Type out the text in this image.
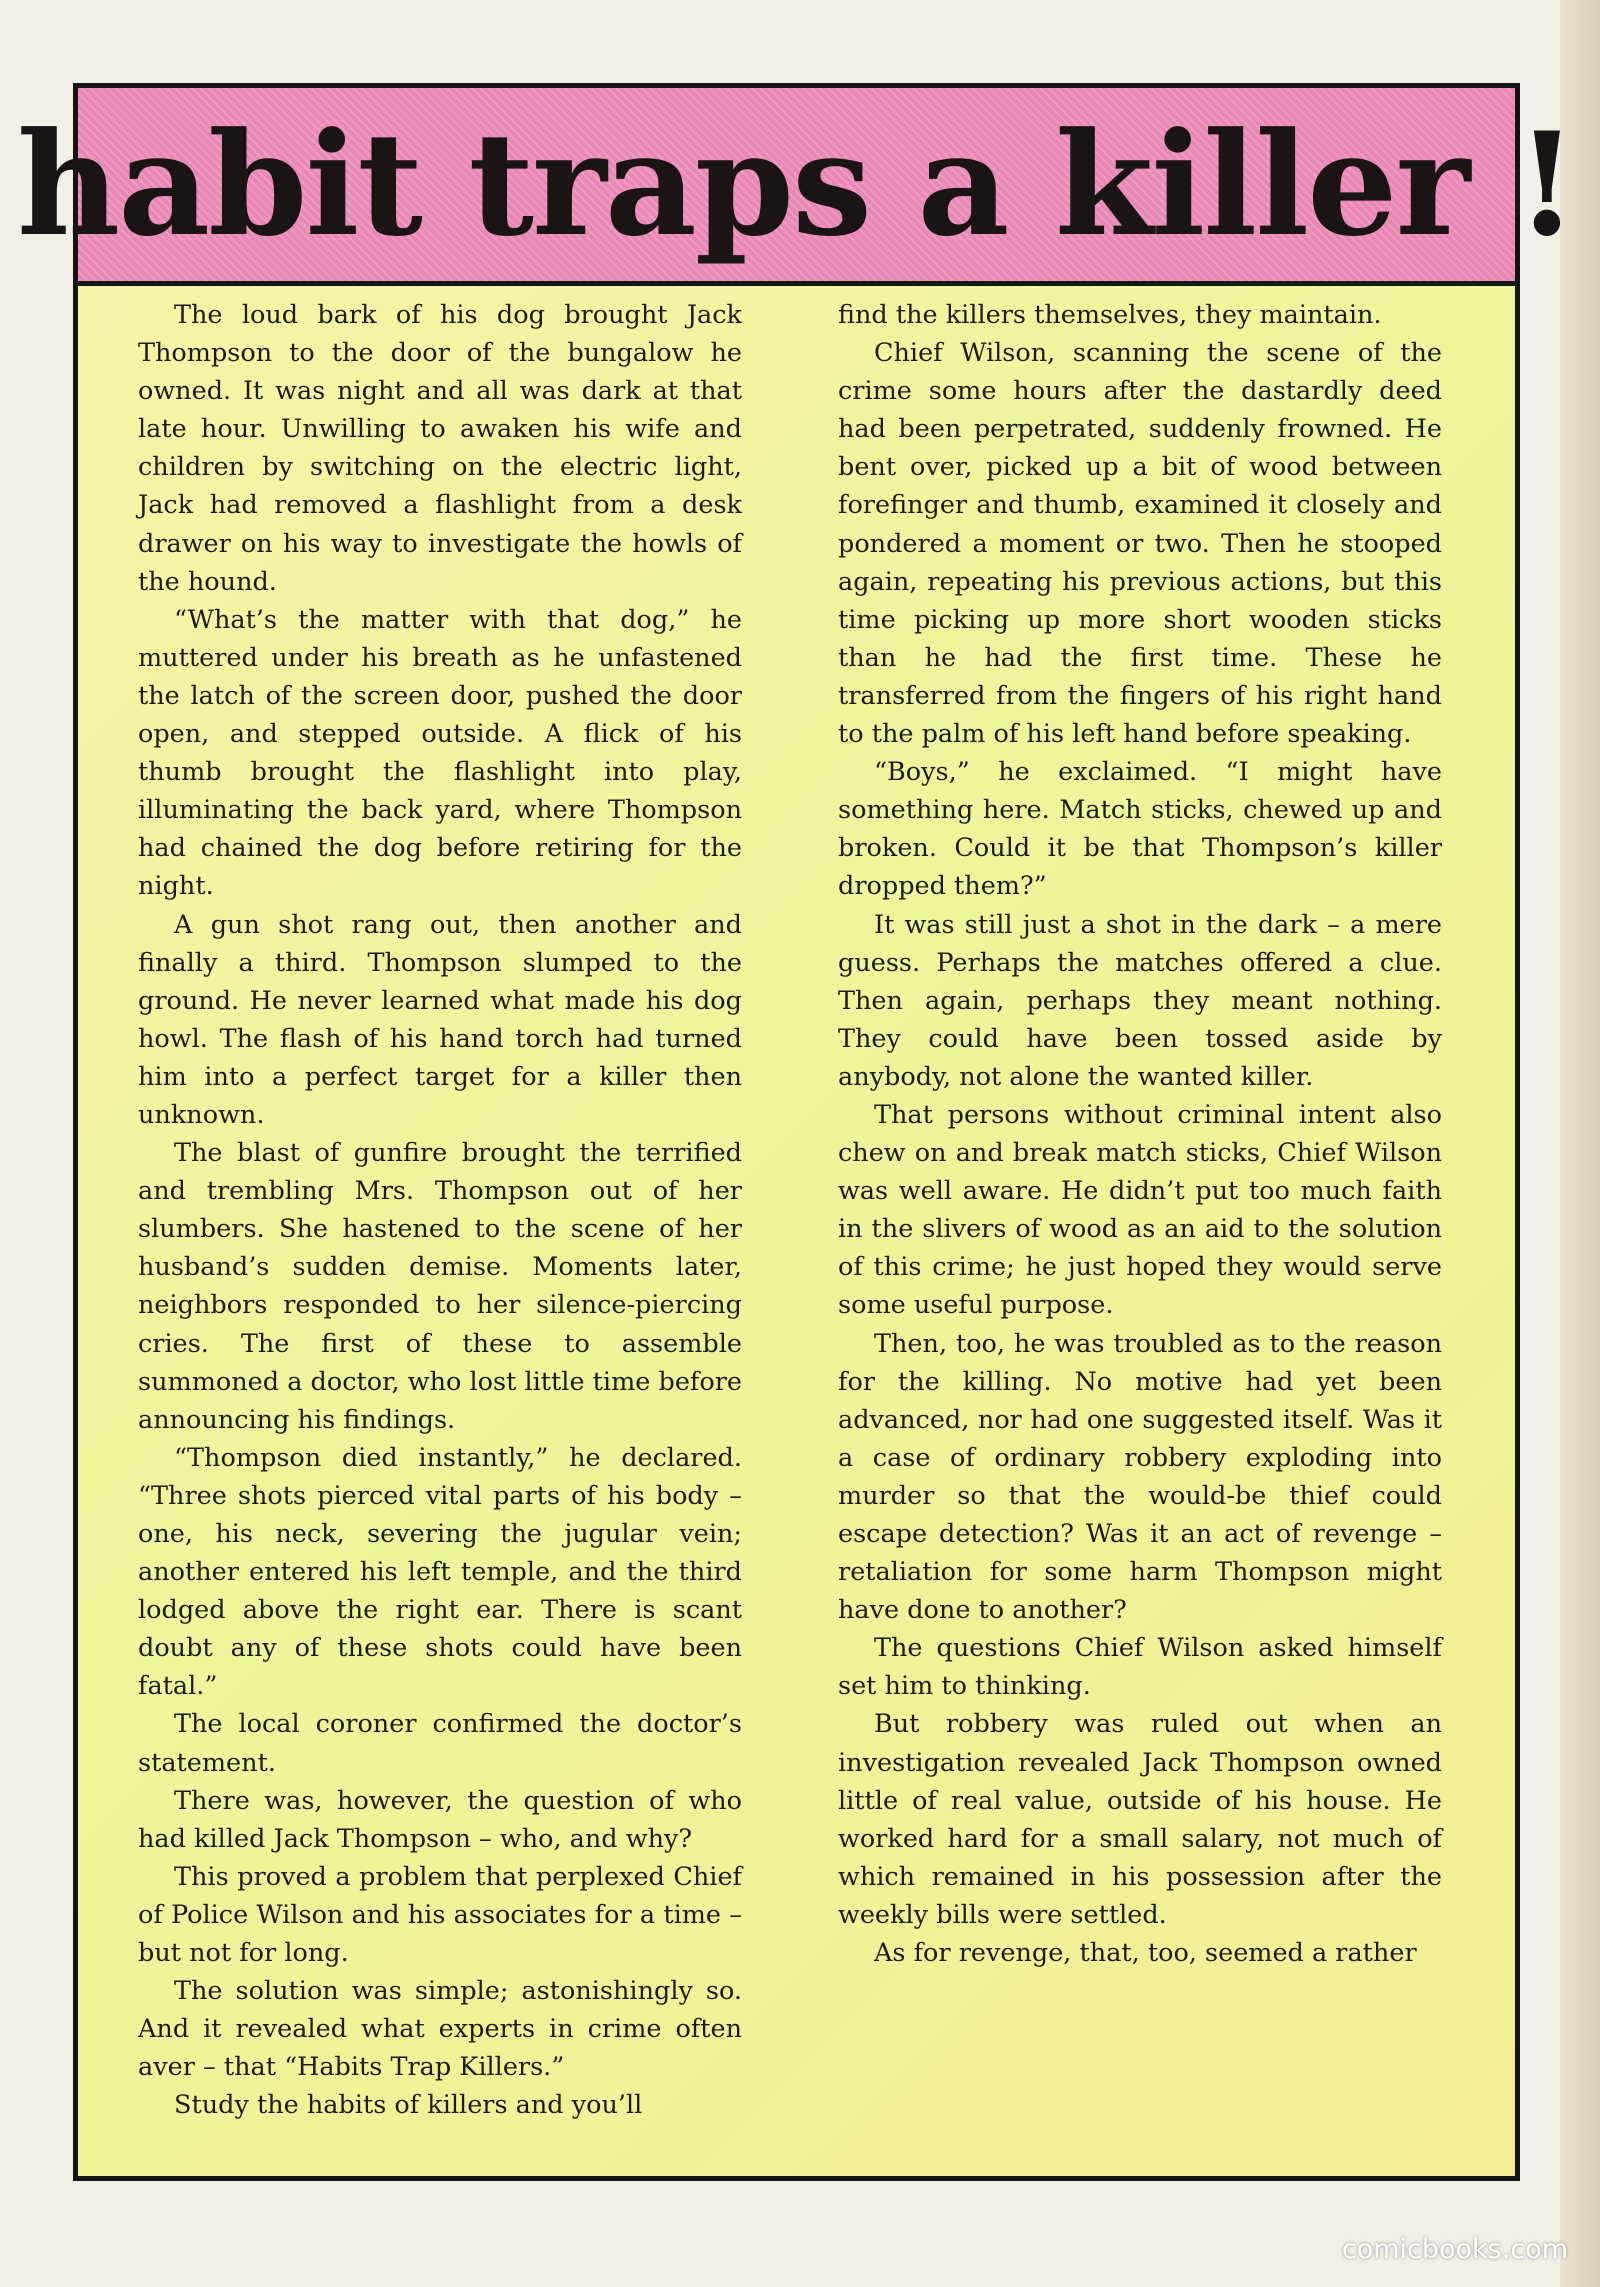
habit traps a killer !

The loud bark of his dog brought Jack Thompson to the door of the bungalow he owned. It was night and all was dark at that late hour. Unwilling to awaken his wife and children by switching on the electric light, Jack had removed a flashlight from a desk drawer on his way to investigate the howls of the hound.

“What’s the matter with that dog,” he muttered under his breath as he unfastened the latch of the screen door, pushed the door open, and stepped outside. A flick of his thumb brought the flashlight into play, illuminating the back yard, where Thompson had chained the dog before retiring for the night.

A gun shot rang out, then another and finally a third. Thompson slumped to the ground. He never learned what made his dog howl. The flash of his hand torch had turned him into a perfect target for a killer then unknown.

The blast of gunfire brought the terrified and trembling Mrs. Thompson out of her slumbers. She hastened to the scene of her husband’s sudden demise. Moments later, neighbors responded to her silence-piercing cries. The first of these to assemble summoned a doctor, who lost little time before announcing his findings.

“Thompson died instantly,” he declared. “Three shots pierced vital parts of his body – one, his neck, severing the jugular vein; another entered his left temple, and the third lodged above the right ear. There is scant doubt any of these shots could have been fatal.”

The local coroner confirmed the doctor’s statement.

There was, however, the question of who had killed Jack Thompson – who, and why?

This proved a problem that perplexed Chief of Police Wilson and his associates for a time – but not for long.

The solution was simple; astonishingly so. And it revealed what experts in crime often aver – that “Habits Trap Killers.”

Study the habits of killers and you’ll

find the killers themselves, they maintain.

Chief Wilson, scanning the scene of the crime some hours after the dastardly deed had been perpetrated, suddenly frowned. He bent over, picked up a bit of wood between forefinger and thumb, examined it closely and pondered a moment or two. Then he stooped again, repeating his previous actions, but this time picking up more short wooden sticks than he had the first time. These he transferred from the fingers of his right hand to the palm of his left hand before speaking.

“Boys,” he exclaimed. “I might have something here. Match sticks, chewed up and broken. Could it be that Thompson’s killer dropped them?”

It was still just a shot in the dark – a mere guess. Perhaps the matches offered a clue. Then again, perhaps they meant nothing. They could have been tossed aside by anybody, not alone the wanted killer.

That persons without criminal intent also chew on and break match sticks, Chief Wilson was well aware. He didn’t put too much faith in the slivers of wood as an aid to the solution of this crime; he just hoped they would serve some useful purpose.

Then, too, he was troubled as to the reason for the killing. No motive had yet been advanced, nor had one suggested itself. Was it a case of ordinary robbery exploding into murder so that the would-be thief could escape detection? Was it an act of revenge – retaliation for some harm Thompson might have done to another?

The questions Chief Wilson asked himself set him to thinking.

But robbery was ruled out when an investigation revealed Jack Thompson owned little of real value, outside of his house. He worked hard for a small salary, not much of which remained in his possession after the weekly bills were settled.

As for revenge, that, too, seemed a rather

comicbooks.com
